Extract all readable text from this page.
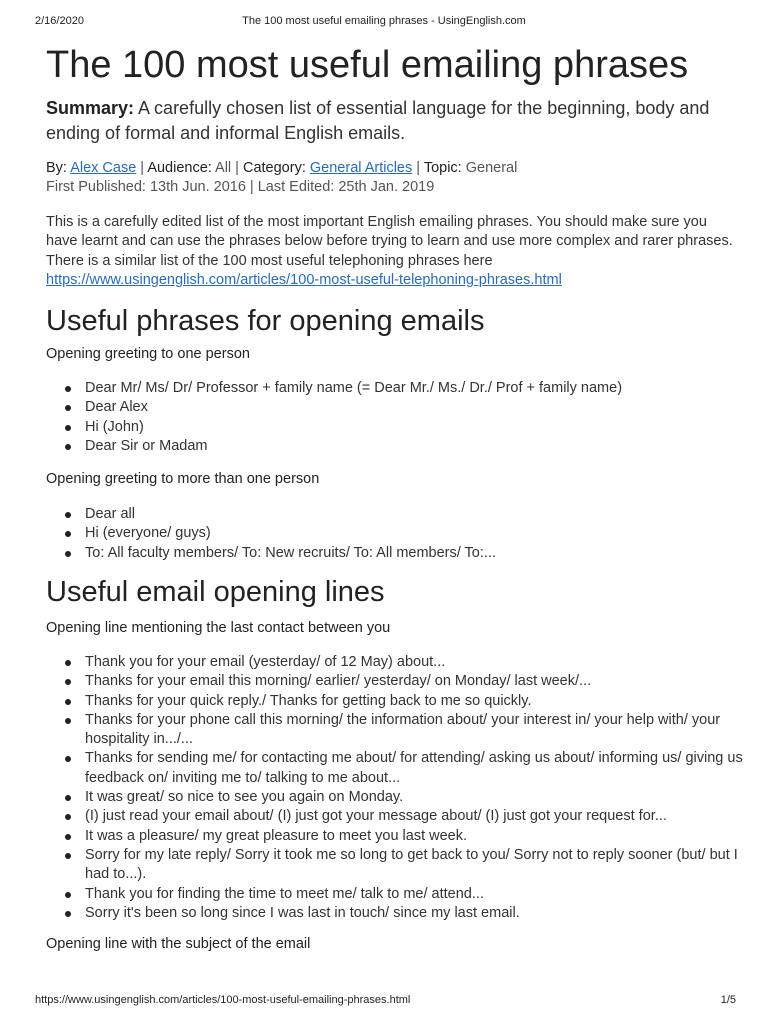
2/16/2020	The 100 most useful emailing phrases - UsingEnglish.com
The 100 most useful emailing phrases
Summary: A carefully chosen list of essential language for the beginning, body and ending of formal and informal English emails.
By: Alex Case | Audience: All | Category: General Articles | Topic: General
First Published: 13th Jun. 2016 | Last Edited: 25th Jan. 2019
This is a carefully edited list of the most important English emailing phrases. You should make sure you have learnt and can use the phrases below before trying to learn and use more complex and rarer phrases. There is a similar list of the 100 most useful telephoning phrases here https://www.usingenglish.com/articles/100-most-useful-telephoning-phrases.html
Useful phrases for opening emails
Opening greeting to one person
Dear Mr/ Ms/ Dr/ Professor + family name (= Dear Mr./ Ms./ Dr./ Prof + family name)
Dear Alex
Hi (John)
Dear Sir or Madam
Opening greeting to more than one person
Dear all
Hi (everyone/ guys)
To: All faculty members/ To: New recruits/ To: All members/ To:...
Useful email opening lines
Opening line mentioning the last contact between you
Thank you for your email (yesterday/ of 12 May) about...
Thanks for your email this morning/ earlier/ yesterday/ on Monday/ last week/...
Thanks for your quick reply./ Thanks for getting back to me so quickly.
Thanks for your phone call this morning/ the information about/ your interest in/ your help with/ your hospitality in.../...
Thanks for sending me/ for contacting me about/ for attending/ asking us about/ informing us/ giving us feedback on/ inviting me to/ talking to me about...
It was great/ so nice to see you again on Monday.
(I) just read your email about/ (I) just got your message about/ (I) just got your request for...
It was a pleasure/ my great pleasure to meet you last week.
Sorry for my late reply/ Sorry it took me so long to get back to you/ Sorry not to reply sooner (but/ but I had to...).
Thank you for finding the time to meet me/ talk to me/ attend...
Sorry it's been so long since I was last in touch/ since my last email.
Opening line with the subject of the email
https://www.usingenglish.com/articles/100-most-useful-emailing-phrases.html	1/5
